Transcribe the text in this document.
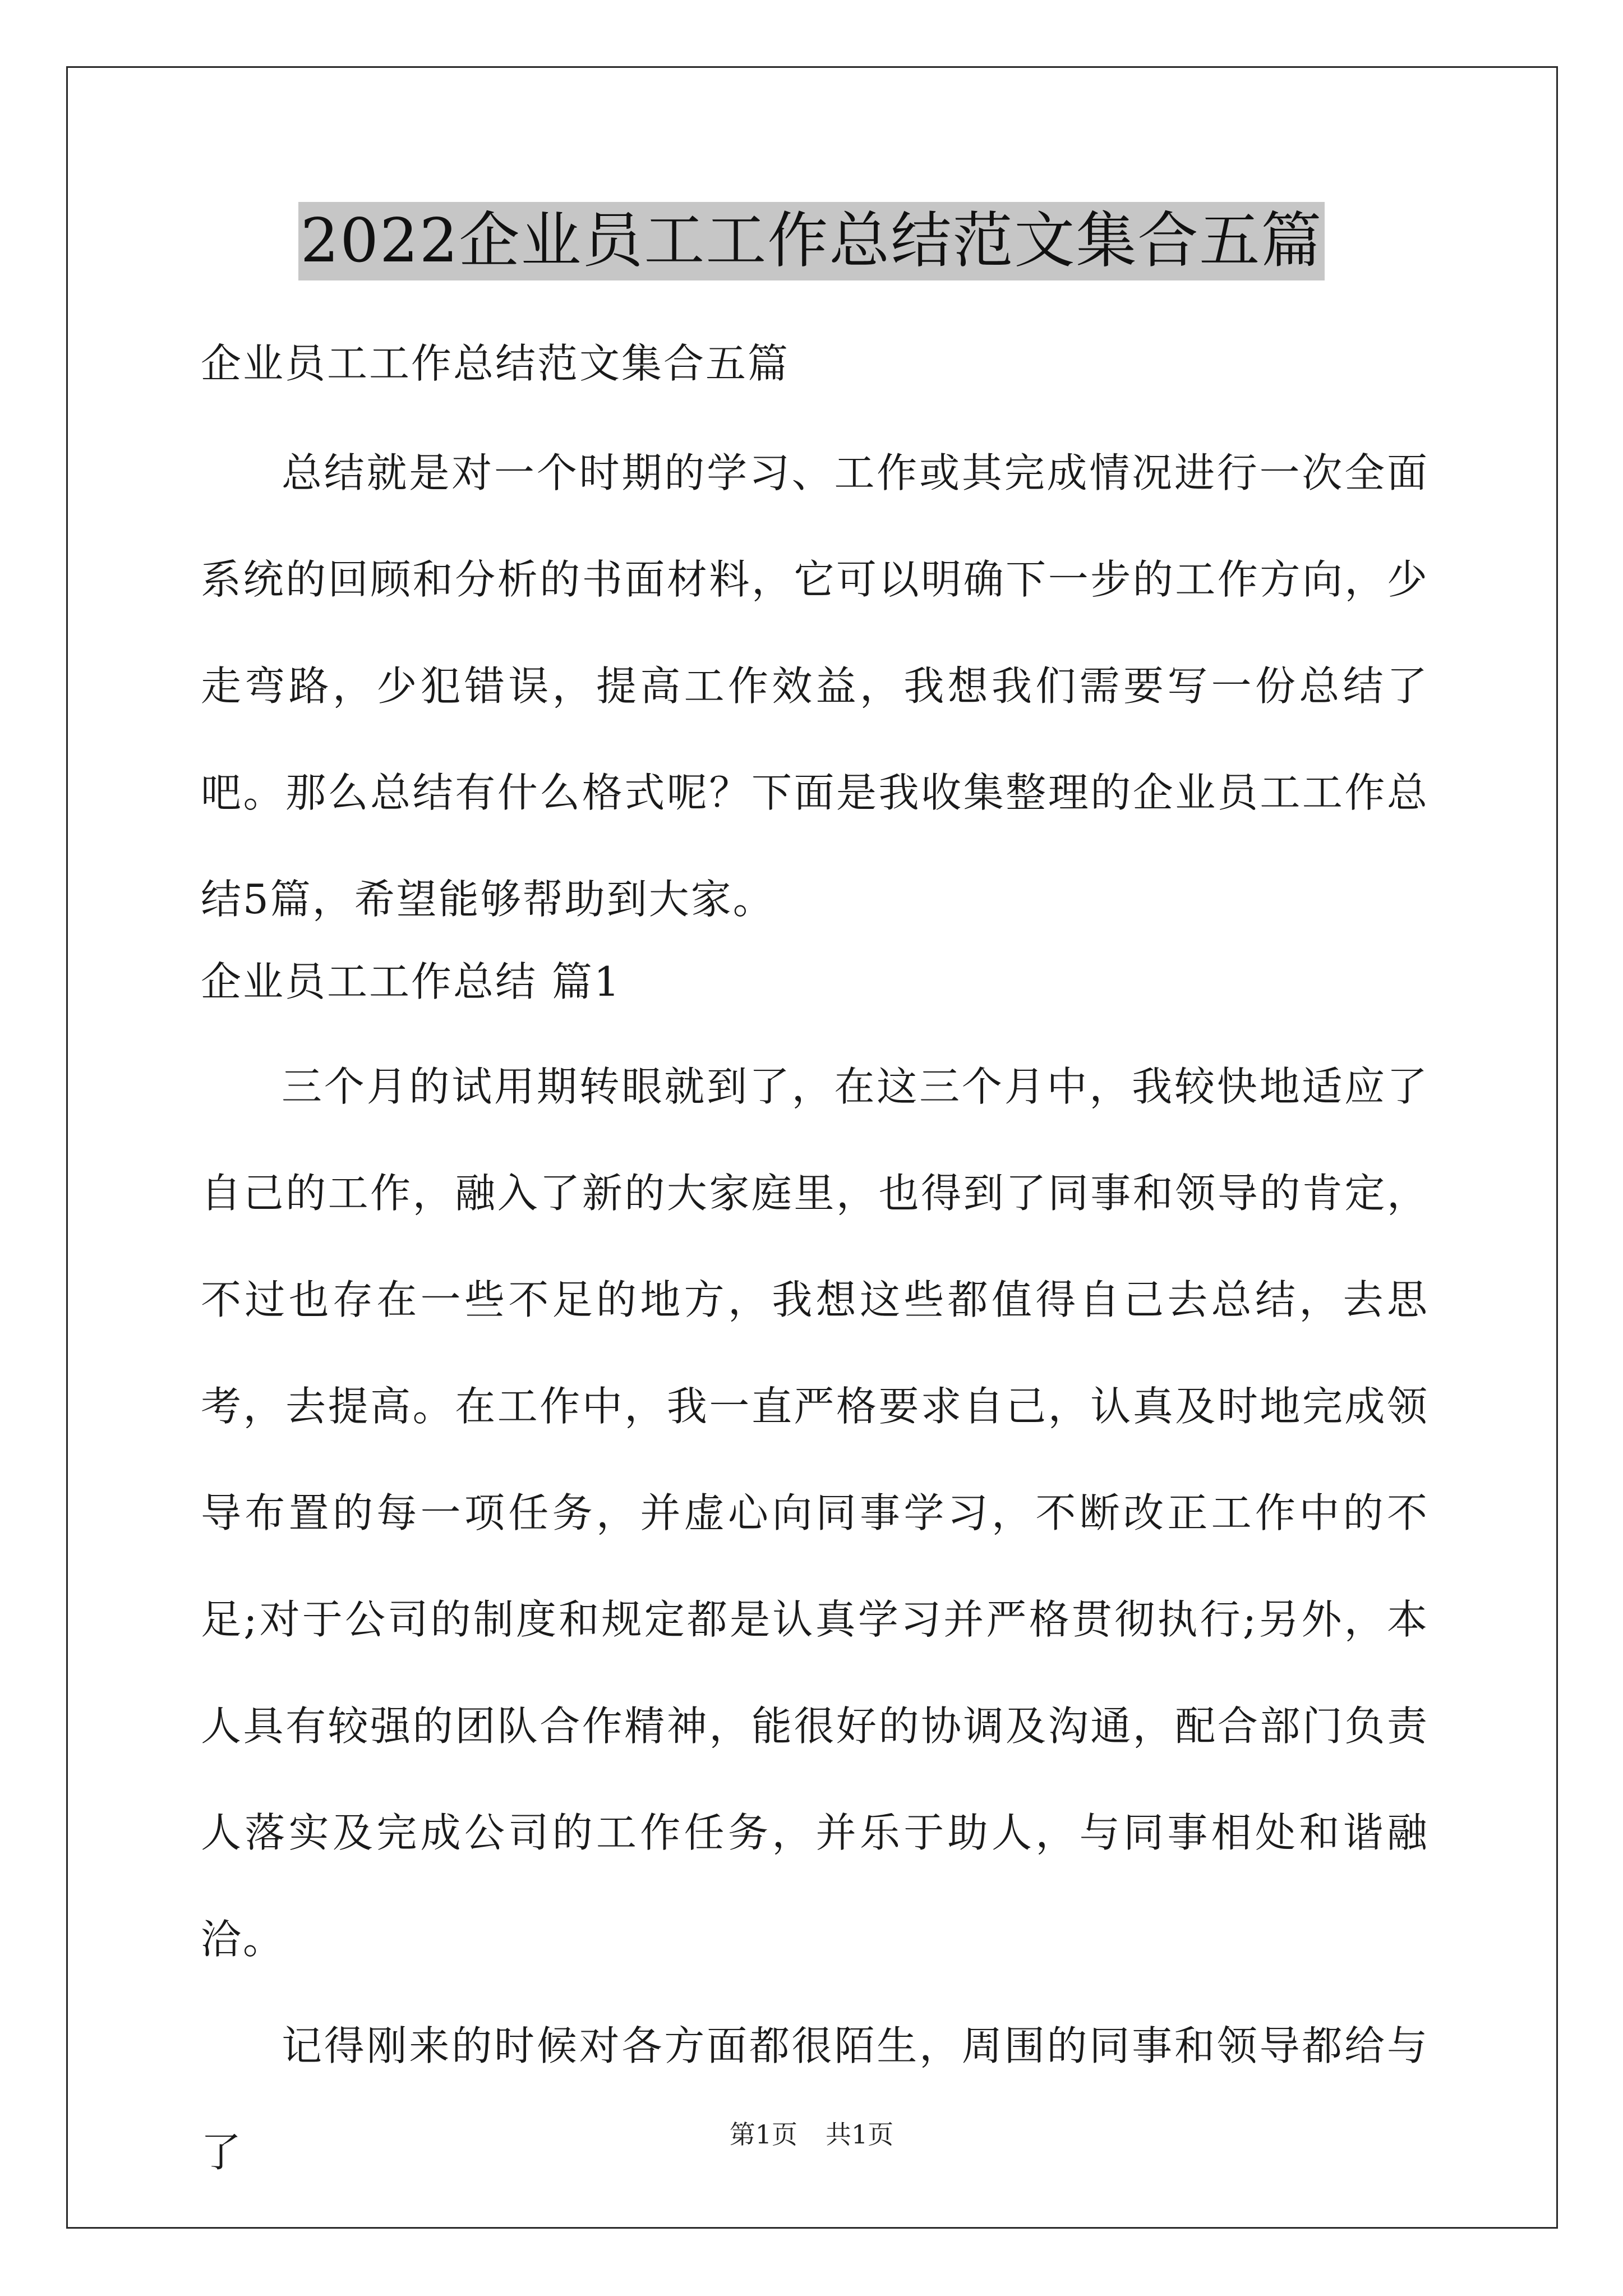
2022企业员工工作总结范文集合五篇
企业员工工作总结范文集合五篇

总结就是对一个时期的学习、工作或其完成情况进行一次全面系统的回顾和分析的书面材料，它可以明确下一步的工作方向，少走弯路，少犯错误，提高工作效益，我想我们需要写一份总结了吧。那么总结有什么格式呢？下面是我收集整理的企业员工工作总结5篇，希望能够帮助到大家。

企业员工工作总结 篇1

三个月的试用期转眼就到了，在这三个月中，我较快地适应了自己的工作，融入了新的大家庭里，也得到了同事和领导的肯定，不过也存在一些不足的地方，我想这些都值得自己去总结，去思考，去提高。在工作中，我一直严格要求自己，认真及时地完成领导布置的每一项任务，并虚心向同事学习，不断改正工作中的不足;对于公司的制度和规定都是认真学习并严格贯彻执行;另外，本人具有较强的团队合作精神，能很好的协调及沟通，配合部门负责人落实及完成公司的工作任务，并乐于助人，与同事相处和谐融洽。

记得刚来的时候对各方面都很陌生，周围的同事和领导都给与了	第1页 共1页
